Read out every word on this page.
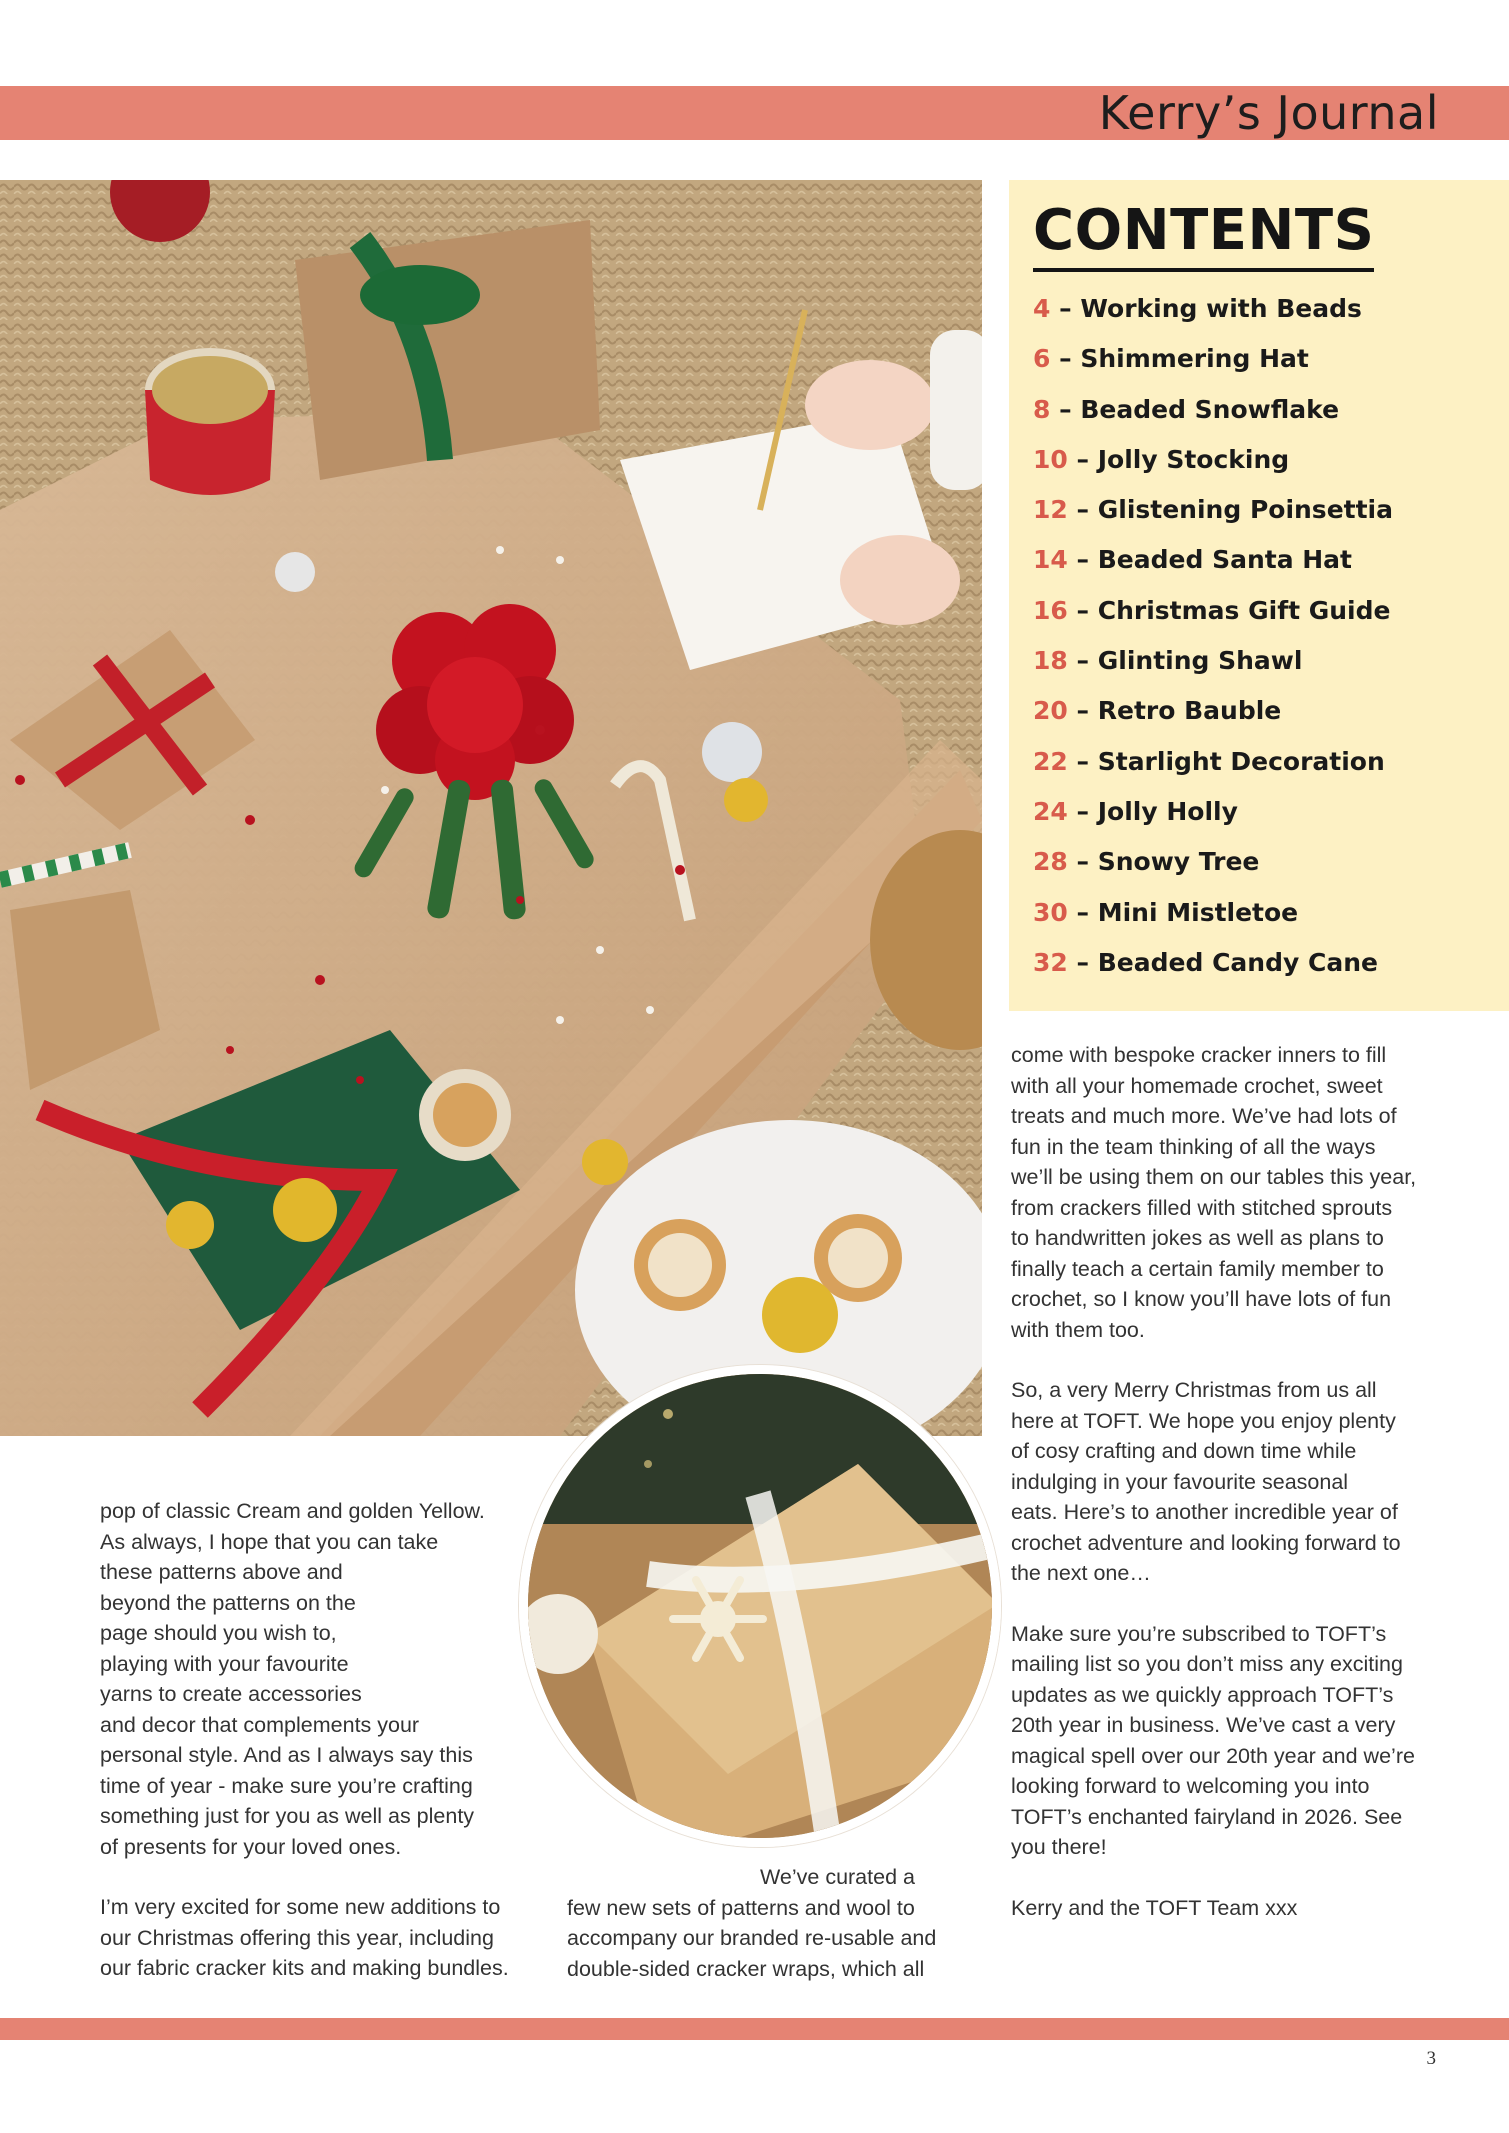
Kerry’s Journal
CONTENTS
4 – Working with Beads
6 – Shimmering Hat
8 – Beaded Snowflake
10 – Jolly Stocking
12 – Glistening Poinsettia
14 – Beaded Santa Hat
16 – Christmas Gift Guide
18 – Glinting Shawl
20 – Retro Bauble
22 – Starlight Decoration
24 – Jolly Holly
28 – Snowy Tree
30 – Mini Mistletoe
32 – Beaded Candy Cane

pop of classic Cream and golden Yellow.
As always, I hope that you can take
these patterns above and
beyond the patterns on the
page should you wish to,
playing with your favourite
yarns to create accessories
and decor that complements your
personal style. And as I always say this
time of year - make sure you’re crafting
something just for you as well as plenty
of presents for your loved ones.

I’m very excited for some new additions to
our Christmas offering this year, including
our fabric cracker kits and making bundles.

We’ve curated a
few new sets of patterns and wool to
accompany our branded re-usable and
double-sided cracker wraps, which all

come with bespoke cracker inners to fill
with all your homemade crochet, sweet
treats and much more. We’ve had lots of
fun in the team thinking of all the ways
we’ll be using them on our tables this year,
from crackers filled with stitched sprouts
to handwritten jokes as well as plans to
finally teach a certain family member to
crochet, so I know you’ll have lots of fun
with them too.

So, a very Merry Christmas from us all
here at TOFT. We hope you enjoy plenty
of cosy crafting and down time while
indulging in your favourite seasonal
eats. Here’s to another incredible year of
crochet adventure and looking forward to
the next one…

Make sure you’re subscribed to TOFT’s
mailing list so you don’t miss any exciting
updates as we quickly approach TOFT’s
20th year in business. We’ve cast a very
magical spell over our 20th year and we’re
looking forward to welcoming you into
TOFT’s enchanted fairyland in 2026. See
you there!

Kerry and the TOFT Team xxx

3
